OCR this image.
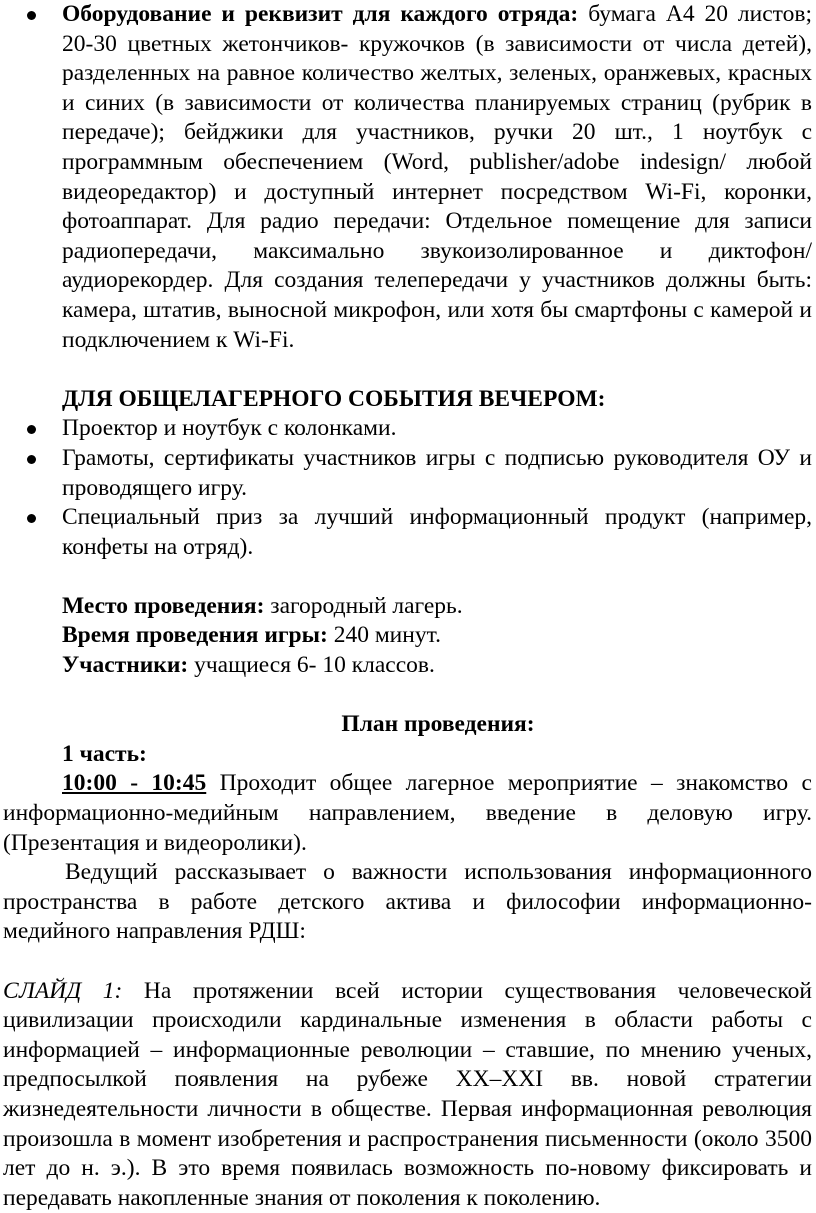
Оборудование и реквизит для каждого отряда: бумага А4 20 листов; 20-30 цветных жетончиков- кружочков (в зависимости от числа детей), разделенных на равное количество желтых, зеленых, оранжевых, красных и синих (в зависимости от количества планируемых страниц (рубрик в передаче); бейджики для участников, ручки 20 шт., 1 ноутбук с программным обеспечением (Word, publisher/adobe indesign/ любой видеоредактор) и доступный интернет посредством Wi-Fi, коронки, фотоаппарат. Для радио передачи: Отдельное помещение для записи радиопередачи, максимально звукоизолированное и диктофон/аудиорекордер. Для создания телепередачи у участников должны быть: камера, штатив, выносной микрофон, или хотя бы смартфоны с камерой и подключением к Wi-Fi.
ДЛЯ ОБЩЕЛАГЕРНОГО СОБЫТИЯ ВЕЧЕРОМ:
Проектор и ноутбук с колонками.
Грамоты, сертификаты участников игры с подписью руководителя ОУ и проводящего игру.
Специальный приз за лучший информационный продукт (например, конфеты на отряд).
Место проведения: загородный лагерь.
Время проведения игры: 240 минут.
Участники: учащиеся 6- 10 классов.
План проведения:
1 часть:
10:00 - 10:45 Проходит общее лагерное мероприятие – знакомство с информационно-медийным направлением, введение в деловую игру. (Презентация и видеоролики).
Ведущий рассказывает о важности использования информационного пространства в работе детского актива и философии информационно-медийного направления РДШ:
СЛАЙД 1: На протяжении всей истории существования человеческой цивилизации происходили кардинальные изменения в области работы с информацией – информационные революции – ставшие, по мнению ученых, предпосылкой появления на рубеже XX–XXI вв. новой стратегии жизнедеятельности личности в обществе. Первая информационная революция произошла в момент изобретения и распространения письменности (около 3500 лет до н. э.). В это время появилась возможность по-новому фиксировать и передавать накопленные знания от поколения к поколению.
